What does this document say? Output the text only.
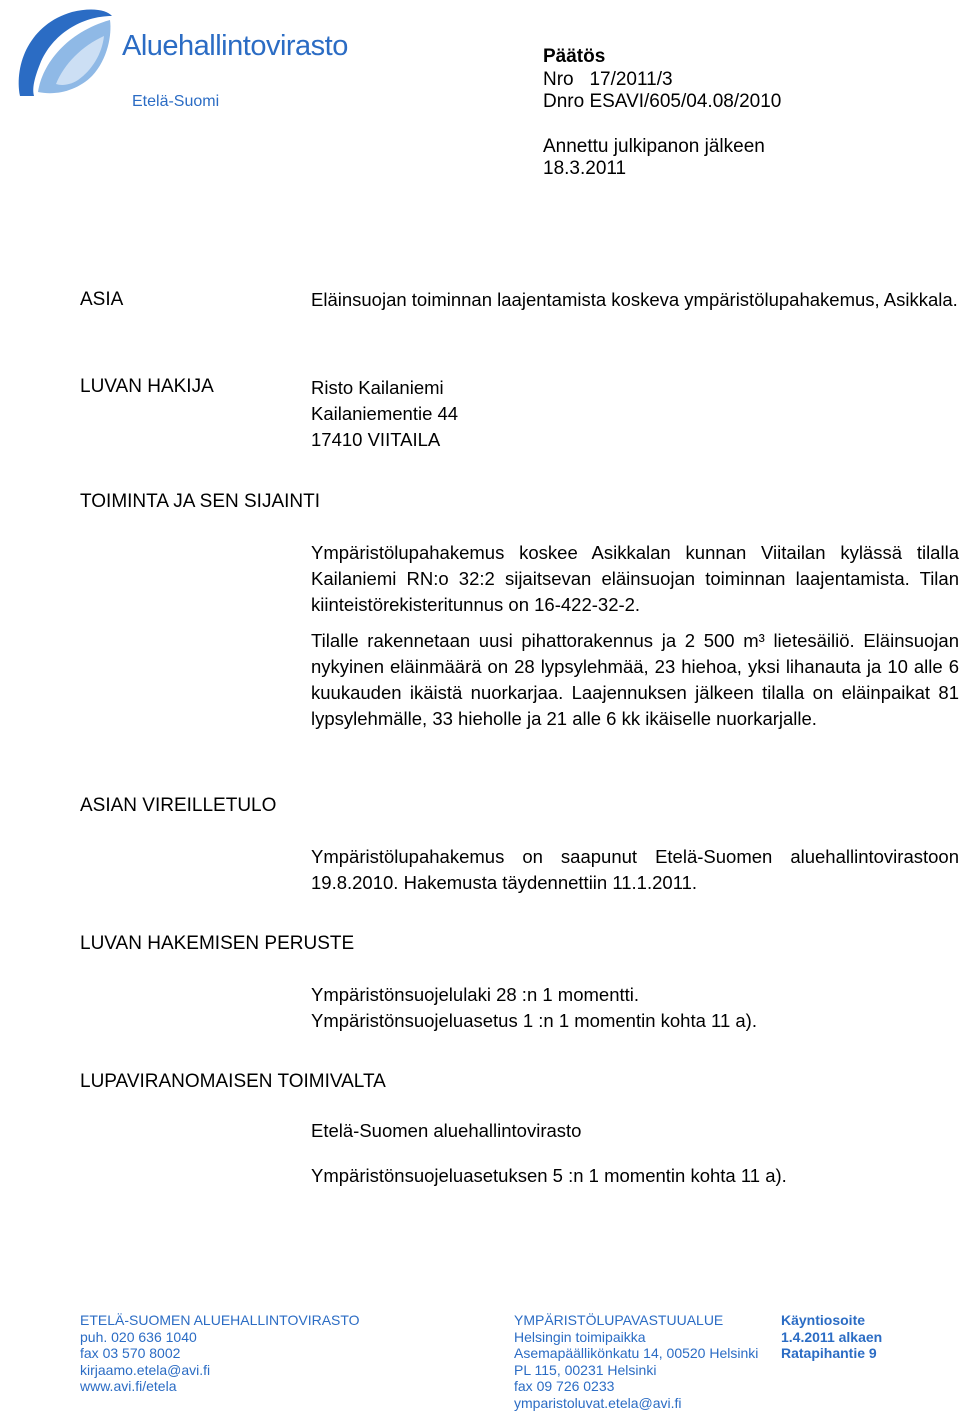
Aluehallintovirasto
Etelä-Suomi
Päätös
Nro   17/2011/3
Dnro ESAVI/605/04.08/2010
Annettu julkipanon jälkeen
18.3.2011
ASIA	Eläinsuojan toiminnan laajentamista koskeva ympäristölupahakemus, Asikkala.
LUVAN HAKIJA	Risto Kailaniemi

Kailaniementie 44

17410 VIITAILA

TOIMINTA JA SEN SIJAINTI
Ympäristölupahakemus koskee Asikkalan kunnan Viitailan kylässä tilalla Kailaniemi RN:o 32:2 sijaitsevan eläinsuojan toiminnan laajentamista. Tilan kiinteistörekisteritunnus on 16-422-32-2.
Tilalle rakennetaan uusi pihattorakennus ja 2 500 m³ lietesäiliö. Eläinsuojan nykyinen eläinmäärä on 28 lypsylehmää, 23 hiehoa, yksi lihanauta ja 10 alle 6 kuukauden ikäistä nuorkarjaa. Laajennuksen jälkeen tilalla on eläinpaikat 81 lypsylehmälle, 33 hieholle ja 21 alle 6 kk ikäiselle nuorkarjalle.
ASIAN VIREILLETULO
Ympäristölupahakemus on saapunut Etelä-Suomen aluehallintovirastoon 19.8.2010. Hakemusta täydennettiin 11.1.2011.
LUVAN HAKEMISEN PERUSTE

Ympäristönsuojelulaki 28 :n 1 momentti.

Ympäristönsuojeluasetus 1 :n 1 momentin kohta 11 a).

LUPAVIRANOMAISEN TOIMIVALTA
Etelä-Suomen aluehallintovirasto
Ympäristönsuojeluasetuksen 5 :n 1 momentin kohta 11 a).
ETELÄ-SUOMEN ALUEHALLINTOVIRASTO
puh. 020 636 1040
fax 03 570 8002
kirjaamo.etela@avi.fi
www.avi.fi/etela
YMPÄRISTÖLUPAVASTUUALUE
Helsingin toimipaikka
Asemapäällikönkatu 14, 00520 Helsinki
PL 115, 00231 Helsinki
fax 09 726 0233
ymparistoluvat.etela@avi.fi
Käyntiosoite
1.4.2011 alkaen
Ratapihantie 9
